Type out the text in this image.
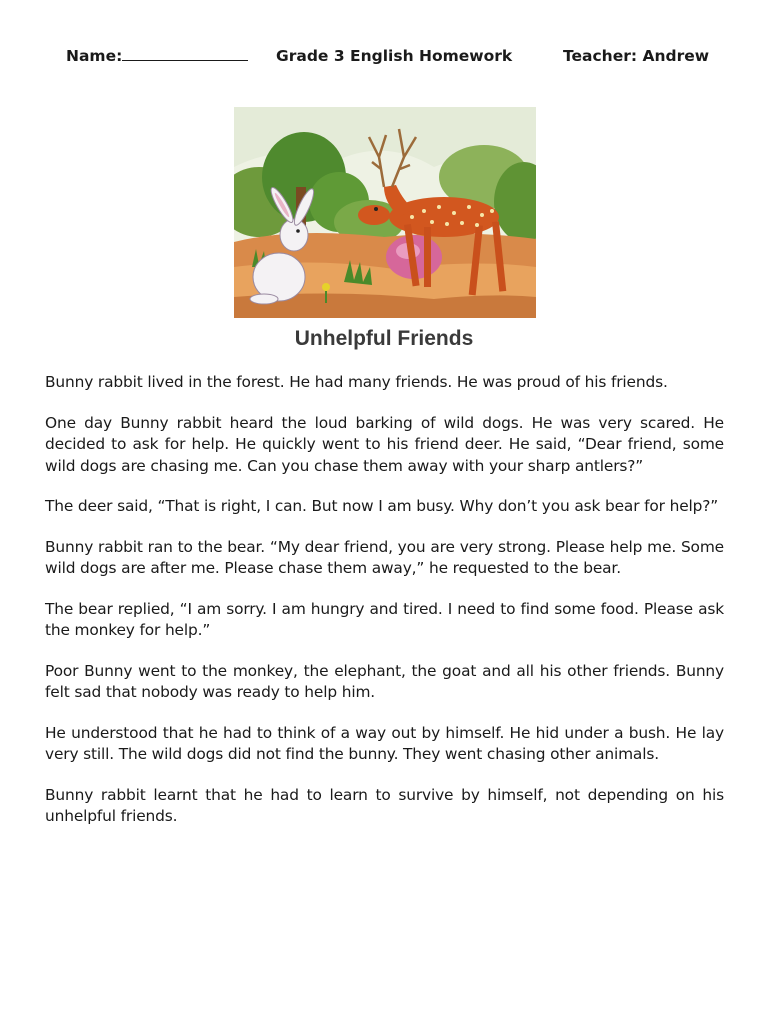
Name:	Grade 3 English Homework	Teacher: Andrew
Unhelpful Friends

Bunny rabbit lived in the forest. He had many friends. He was proud of his friends.

One day Bunny rabbit heard the loud barking of wild dogs. He was very scared. He decided to ask for help. He quickly went to his friend deer. He said, “Dear friend, some wild dogs are chasing me. Can you chase them away with your sharp antlers?”

The deer said, “That is right, I can. But now I am busy. Why don’t you ask bear for help?”

Bunny rabbit ran to the bear. “My dear friend, you are very strong. Please help me. Some wild dogs are after me. Please chase them away,” he requested to the bear.

The bear replied, “I am sorry. I am hungry and tired. I need to find some food. Please ask the monkey for help.”

Poor Bunny went to the monkey, the elephant, the goat and all his other friends. Bunny felt sad that nobody was ready to help him.

He understood that he had to think of a way out by himself. He hid under a bush. He lay very still. The wild dogs did not find the bunny. They went chasing other animals.

Bunny rabbit learnt that he had to learn to survive by himself, not depending on his unhelpful friends.
